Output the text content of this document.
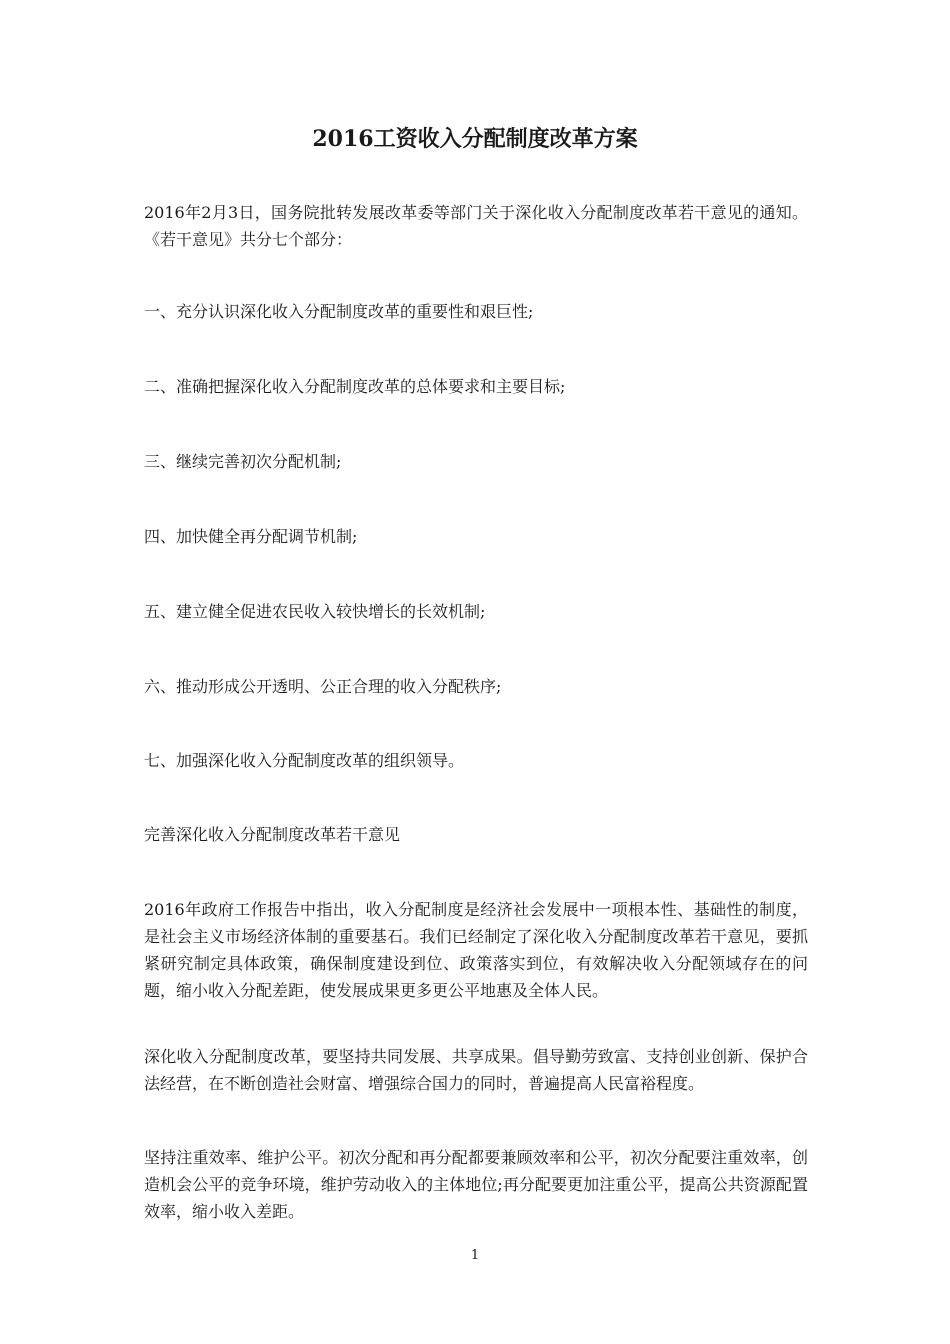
2016工资收入分配制度改革方案

2016年2月3日，国务院批转发展改革委等部门关于深化收入分配制度改革若干意见的通知。《若干意见》共分七个部分：

一、充分认识深化收入分配制度改革的重要性和艰巨性;

二、准确把握深化收入分配制度改革的总体要求和主要目标;

三、继续完善初次分配机制;

四、加快健全再分配调节机制;

五、建立健全促进农民收入较快增长的长效机制;

六、推动形成公开透明、公正合理的收入分配秩序;

七、加强深化收入分配制度改革的组织领导。

完善深化收入分配制度改革若干意见

2016年政府工作报告中指出，收入分配制度是经济社会发展中一项根本性、基础性的制度，是社会主义市场经济体制的重要基石。我们已经制定了深化收入分配制度改革若干意见，要抓紧研究制定具体政策，确保制度建设到位、政策落实到位，有效解决收入分配领域存在的问题，缩小收入分配差距，使发展成果更多更公平地惠及全体人民。

深化收入分配制度改革，要坚持共同发展、共享成果。倡导勤劳致富、支持创业创新、保护合法经营，在不断创造社会财富、增强综合国力的同时，普遍提高人民富裕程度。

坚持注重效率、维护公平。初次分配和再分配都要兼顾效率和公平，初次分配要注重效率，创造机会公平的竞争环境，维护劳动收入的主体地位;再分配要更加注重公平，提高公共资源配置效率，缩小收入差距。

1
